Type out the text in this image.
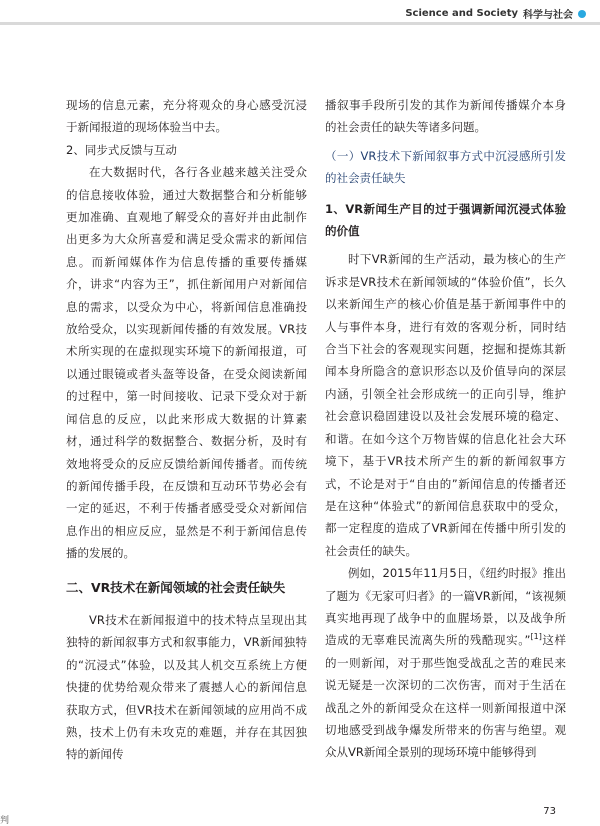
Science and Society 科学与社会

现场的信息元素，充分将观众的身心感受沉浸于新闻报道的现场体验当中去。

2、同步式反馈与互动

在大数据时代，各行各业越来越关注受众的信息接收体验，通过大数据整合和分析能够更加准确、直观地了解受众的喜好并由此制作出更多为大众所喜爱和满足受众需求的新闻信息。而新闻媒体作为信息传播的重要传播媒介，讲求“内容为王”，抓住新闻用户对新闻信息的需求，以受众为中心，将新闻信息准确投放给受众，以实现新闻传播的有效发展。VR技术所实现的在虚拟现实环境下的新闻报道，可以通过眼镜或者头盔等设备，在受众阅读新闻的过程中，第一时间接收、记录下受众对于新闻信息的反应，以此来形成大数据的计算素材，通过科学的数据整合、数据分析，及时有效地将受众的反应反馈给新闻传播者。而传统的新闻传播手段，在反馈和互动环节势必会有一定的延迟，不利于传播者感受受众对新闻信息作出的相应反应，显然是不利于新闻信息传播的发展的。

二、VR技术在新闻领域的社会责任缺失

VR技术在新闻报道中的技术特点呈现出其独特的新闻叙事方式和叙事能力，VR新闻独特的“沉浸式”体验，以及其人机交互系统上方便快捷的优势给观众带来了震撼人心的新闻信息获取方式，但VR技术在新闻领域的应用尚不成熟，技术上仍有未攻克的难题，并存在其因独特的新闻传

播叙事手段所引发的其作为新闻传播媒介本身的社会责任的缺失等诸多问题。

（一）VR技术下新闻叙事方式中沉浸感所引发的社会责任缺失

1、VR新闻生产目的过于强调新闻沉浸式体验的价值

时下VR新闻的生产活动，最为核心的生产诉求是VR技术在新闻领域的“体验价值”，长久以来新闻生产的核心价值是基于新闻事件中的人与事件本身，进行有效的客观分析，同时结合当下社会的客观现实问题，挖掘和提炼其新闻本身所隐含的意识形态以及价值导向的深层内涵，引领全社会形成统一的正向引导，维护社会意识稳固建设以及社会发展环境的稳定、和谐。在如今这个万物皆媒的信息化社会大环境下，基于VR技术所产生的新的新闻叙事方式，不论是对于“自由的”新闻信息的传播者还是在这种“体验式”的新闻信息获取中的受众，都一定程度的造成了VR新闻在传播中所引发的社会责任的缺失。

例如，2015年11月5日，《纽约时报》推出了题为《无家可归者》的一篇VR新闻，“该视频真实地再现了战争中的血腥场景，以及战争所造成的无辜难民流离失所的残酷现实。”[1]这样的一则新闻，对于那些饱受战乱之苦的难民来说无疑是一次深切的二次伤害，而对于生活在战乱之外的新闻受众在这样一则新闻报道中深切地感受到战争爆发所带来的伤害与绝望。观众从VR新闻全景别的现场环境中能够得到

73
判
